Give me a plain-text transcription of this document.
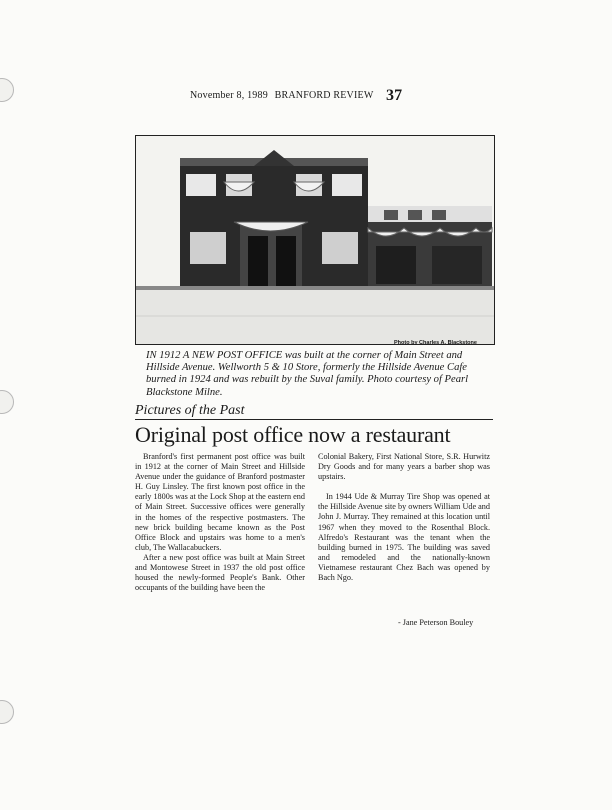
November 8, 1989 BRANFORD REVIEW 37
Photo by Charles A. Blackstone
IN 1912 A NEW POST OFFICE was built at the corner of Main Street and Hillside Avenue. Wellworth 5 & 10 Store, formerly the Hillside Avenue Cafe burned in 1924 and was rebuilt by the Suval family. Photo courtesy of Pearl Blackstone Milne.
Pictures of the Past
Original post office now a restaurant

Branford's first permanent post office was built in 1912 at the corner of Main Street and Hillside Avenue under the guidance of Branford postmaster H. Guy Linsley. The first known post office in the early 1800s was at the Lock Shop at the eastern end of Main Street. Successive offices were generally in the homes of the respective postmasters. The new brick building became known as the Post Office Block and upstairs was home to a men's club, The Wallacabuckers.

After a new post office was built at Main Street and Montowese Street in 1937 the old post office housed the newly-formed People's Bank. Other occupants of the building have been the

Colonial Bakery, First National Store, S.R. Hurwitz Dry Goods and for many years a barber shop was upstairs.

In 1944 Ude & Murray Tire Shop was opened at the Hillside Avenue site by owners William Ude and John J. Murray. They remained at this location until 1967 when they moved to the Rosenthal Block. Alfredo's Restaurant was the tenant when the building burned in 1975. The building was saved and remodeled and the nationally-known Vietnamese restaurant Chez Bach was opened by Bach Ngo.

- Jane Peterson Bouley
